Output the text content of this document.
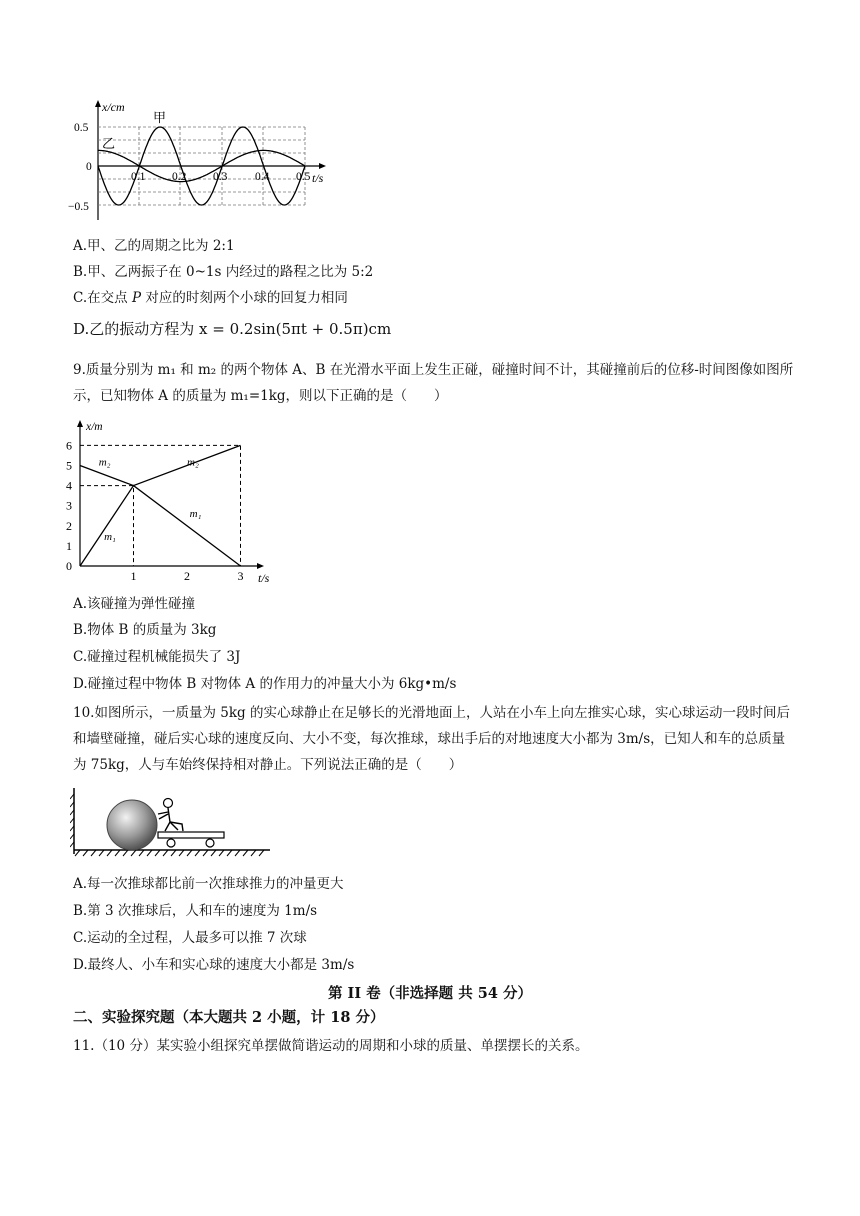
x/cm
甲
乙
0.5
0
−0.5
0.1 0.2 0.3 0.4 0.5 t/s
A.甲、乙的周期之比为 2:1
B.甲、乙两振子在 0~1s 内经过的路程之比为 5:2
C.在交点 P 对应的时刻两个小球的回复力相同
D.乙的振动方程为 x = 0.2sin(5πt + 0.5π)cm
9.质量分别为 m₁ 和 m₂ 的两个物体 A、B 在光滑水平面上发生正碰，碰撞时间不计，其碰撞前后的位移-时间图像如图所示，已知物体 A 的质量为 m₁=1kg，则以下正确的是（　　）
0
1
2
3
4
5
6
1	2	3
x/m
t/s
m₂	m₂
m₁
m₁
A.该碰撞为弹性碰撞
B.物体 B 的质量为 3kg
C.碰撞过程机械能损失了 3J
D.碰撞过程中物体 B 对物体 A 的作用力的冲量大小为 6kg•m/s
10.如图所示，一质量为 5kg 的实心球静止在足够长的光滑地面上，人站在小车上向左推实心球，实心球运动一段时间后和墙壁碰撞，碰后实心球的速度反向、大小不变，每次推球，球出手后的对地速度大小都为 3m/s，已知人和车的总质量为 75kg，人与车始终保持相对静止。下列说法正确的是（　　）
A.每一次推球都比前一次推球推力的冲量更大
B.第 3 次推球后，人和车的速度为 1m/s
C.运动的全过程，人最多可以推 7 次球
D.最终人、小车和实心球的速度大小都是 3m/s
第 II 卷（非选择题 共 54 分）
二、实验探究题（本大题共 2 小题，计 18 分）
11.（10 分）某实验小组探究单摆做简谐运动的周期和小球的质量、单摆摆长的关系。
